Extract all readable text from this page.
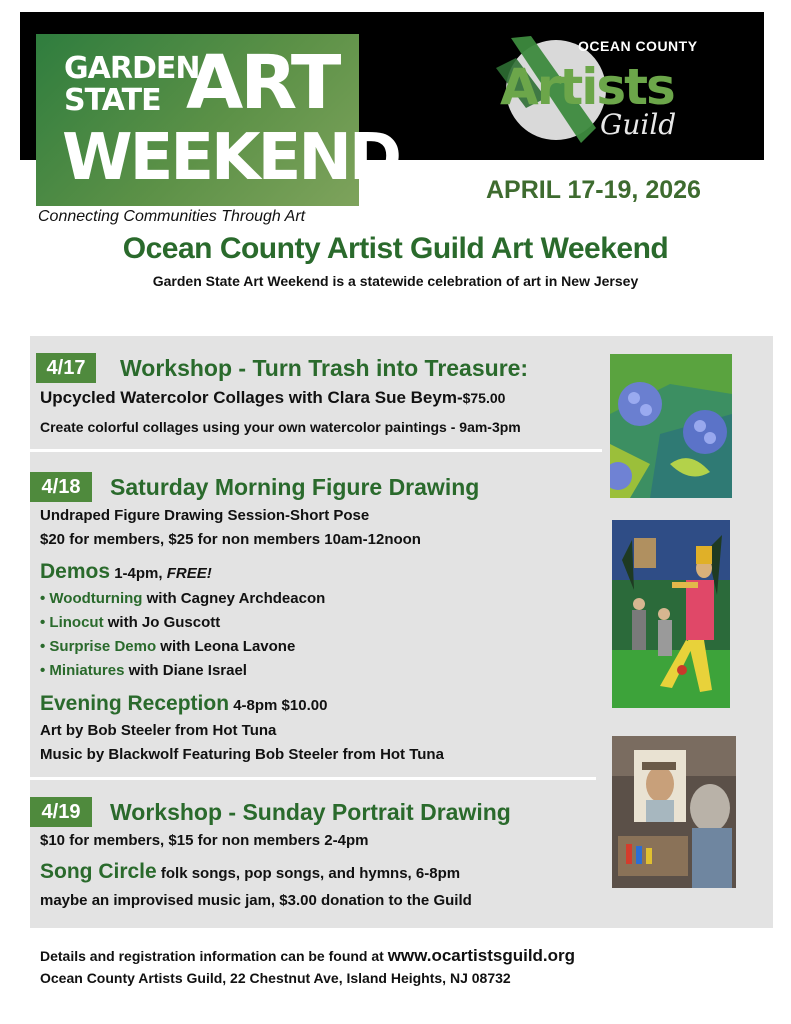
GARDEN
STATE ART
WEEKEND
Connecting Communities Through Art
OCEAN COUNTY
Artists
Guild
APRIL 17-19, 2026
Ocean County Artist Guild Art Weekend
Garden State Art Weekend is a statewide celebration of art in New Jersey
4/17	Workshop - Turn Trash into Treasure:
Upcycled Watercolor Collages with Clara Sue Beym-$75.00
Create colorful collages using your own watercolor paintings - 9am-3pm
4/18	Saturday Morning Figure Drawing
Undraped Figure Drawing Session-Short Pose
$20 for members, $25 for non members 10am-12noon
Demos 1-4pm, FREE!
• Woodturning with Cagney Archdeacon
• Linocut with Jo Guscott
• Surprise Demo with Leona Lavone
• Miniatures with Diane Israel
Evening Reception 4-8pm $10.00
Art by Bob Steeler from Hot Tuna
Music by Blackwolf Featuring Bob Steeler from Hot Tuna
4/19	Workshop - Sunday Portrait Drawing
$10 for members, $15 for non members 2-4pm
Song Circle folk songs, pop songs, and hymns, 6-8pm
maybe an improvised music jam, $3.00 donation to the Guild
Details and registration information can be found at www.ocartistsguild.org
Ocean County Artists Guild, 22 Chestnut Ave, Island Heights, NJ 08732
